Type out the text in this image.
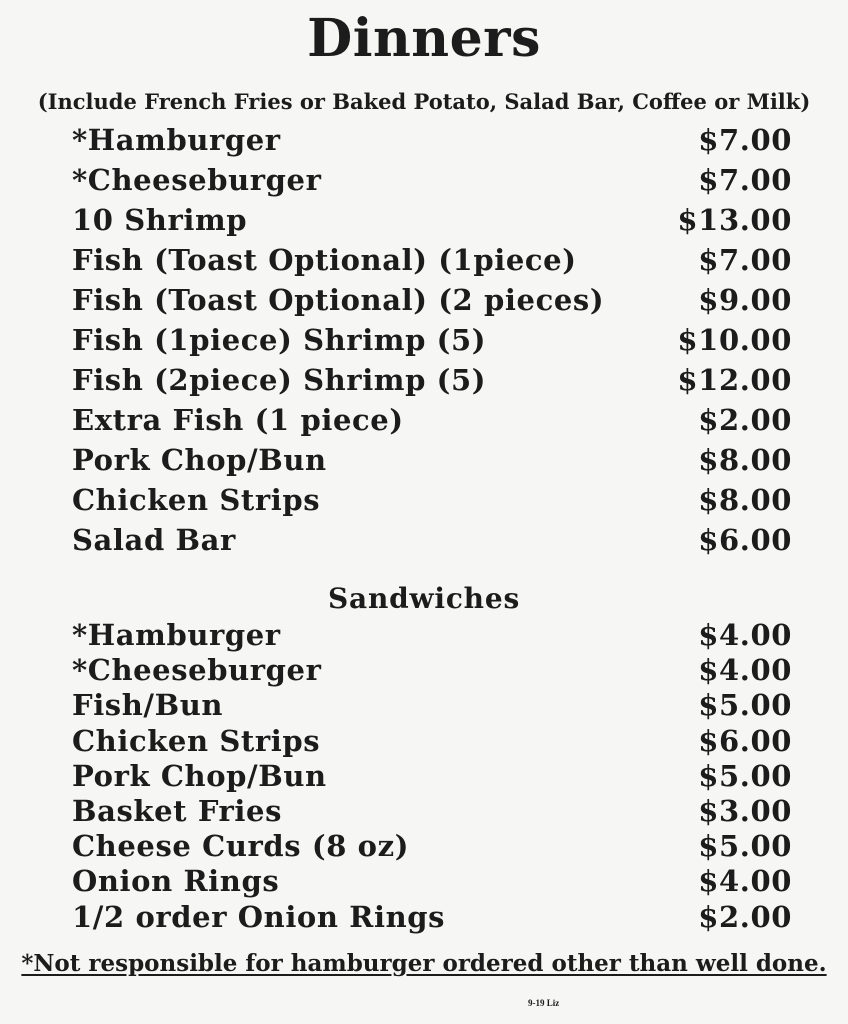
Dinners
(Include French Fries or Baked Potato, Salad Bar, Coffee or Milk)
*Hamburger	$7.00
*Cheeseburger	$7.00
10 Shrimp	$13.00
Fish (Toast Optional) (1piece)	$7.00
Fish (Toast Optional) (2 pieces)	$9.00
Fish (1piece) Shrimp (5)	$10.00
Fish (2piece) Shrimp (5)	$12.00
Extra Fish (1 piece)	$2.00
Pork Chop/Bun	$8.00
Chicken Strips	$8.00
Salad Bar	$6.00
Sandwiches
*Hamburger	$4.00
*Cheeseburger	$4.00
Fish/Bun	$5.00
Chicken Strips	$6.00
Pork Chop/Bun	$5.00
Basket Fries	$3.00
Cheese Curds (8 oz)	$5.00
Onion Rings	$4.00
1/2 order Onion Rings	$2.00
*Not responsible for hamburger ordered other than well done.
9-19 Liz
